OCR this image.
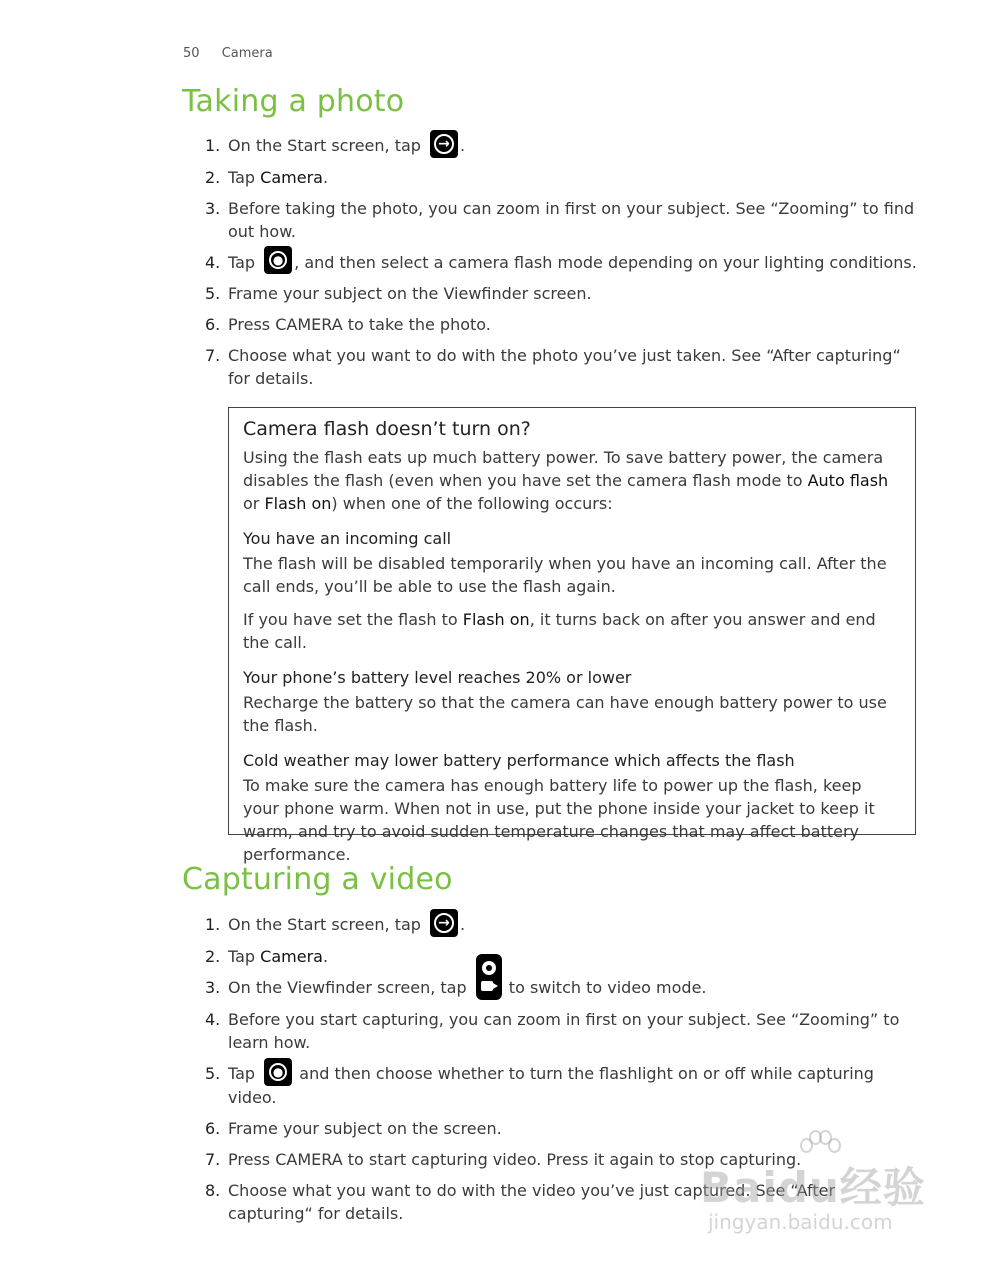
50 Camera
Taking a photo
1. On the Start screen, tap → .
2. Tap Camera.
3. Before taking the photo, you can zoom in first on your subject. See “Zooming” to find out how.
4. Tap	● , and then select a camera flash mode depending on your lighting conditions.
5. Frame your subject on the Viewfinder screen.
6. Press CAMERA to take the photo.
7. Choose what you want to do with the photo you’ve just taken. See “After capturing“ for details.
Camera flash doesn’t turn on?

Using the flash eats up much battery power. To save battery power, the camera disables the flash (even when you have set the camera flash mode to Auto flash or Flash on) when one of the following occurs:

You have an incoming call

The flash will be disabled temporarily when you have an incoming call. After the call ends, you’ll be able to use the flash again.

If you have set the flash to Flash on, it turns back on after you answer and end the call.

Your phone’s battery level reaches 20% or lower

Recharge the battery so that the camera can have enough battery power to use the flash.

Cold weather may lower battery performance which affects the flash

To make sure the camera has enough battery life to power up the flash, keep your phone warm. When not in use, put the phone inside your jacket to keep it warm, and try to avoid sudden temperature changes that may affect battery performance.

Capturing a video
1. On the Start screen, tap → .
2. Tap Camera.
3. On the Viewfinder screen, tap
to switch to video mode.
4. Before you start capturing, you can zoom in first on your subject. See “Zooming” to learn how.
5. Tap	● and then choose whether to turn the flashlight on or off while capturing video.
6. Frame your subject on the screen.
7. Press CAMERA to start capturing video. Press it again to stop capturing.
8. Choose what you want to do with the video you’ve just captured. See “After capturing“ for details.
Baidu经验
jingyan.baidu.com
